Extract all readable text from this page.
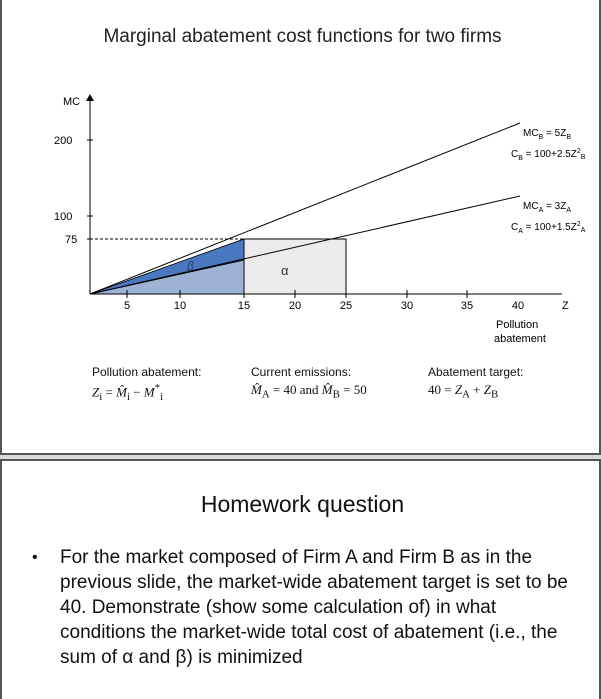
Marginal abatement cost functions for two firms
MC
Z
200
100
75
5	10	15	20	25	30	35	40
Pollution
abatement
β	α
$MC_B = 5Z_B$
$C_B = 100+2.5Z^2_B$
$MC_A = 3Z_A$
$C_A = 100+1.5Z^2_A$
Pollution abatement:
$Z_i$ = $M̂_i - M^*_i$
Current emissions:
$M̂_A = 40$ and $M̂_B = 50$
Abatement target:
$40 = Z_A + Z_B$
Homework question
• For the market composed of Firm A and Firm B as in the previous slide, the market-wide abatement target is set to be 40. Demonstrate (show some calculation of) in what conditions the market-wide total cost of abatement (i.e., the sum of α and β) is minimized
